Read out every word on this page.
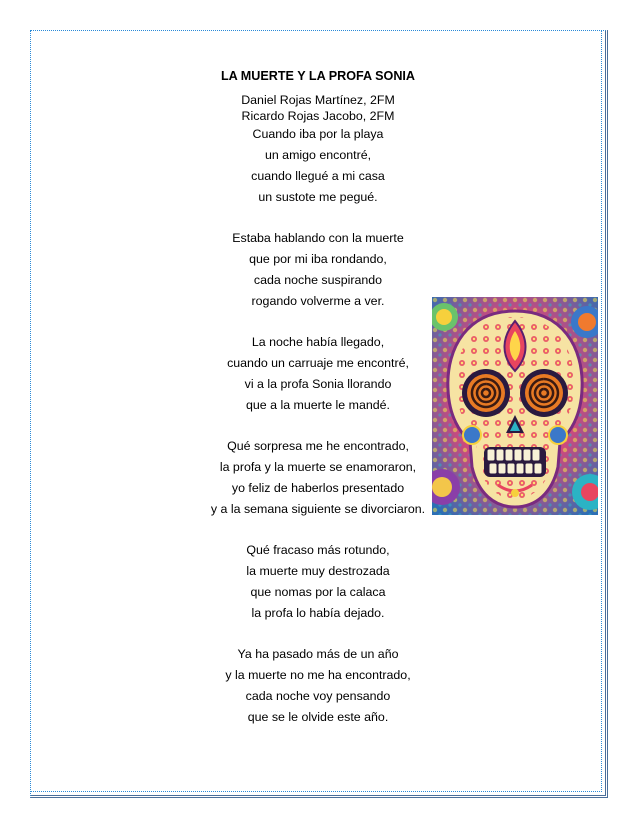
LA MUERTE Y LA PROFA SONIA
Daniel Rojas Martínez, 2FM
Ricardo Rojas Jacobo, 2FM
Cuando iba por la playa
un amigo encontré,
cuando llegué a mi casa
un sustote me pegué.
Estaba hablando con la muerte
que por mi iba rondando,
cada noche suspirando
rogando volverme a ver.
La noche había llegado,
cuando un carruaje me encontré,
vi a la profa Sonia llorando
que a la muerte le mandé.
Qué sorpresa me he encontrado,
la profa y la muerte se enamoraron,
yo feliz de haberlos presentado
y a la semana siguiente se divorciaron.
Qué fracaso más rotundo,
la muerte muy destrozada
que nomas por la calaca
la profa lo había dejado.
Ya ha pasado más de un año
y la muerte no me ha encontrado,
cada noche voy pensando
que se le olvide este año.
